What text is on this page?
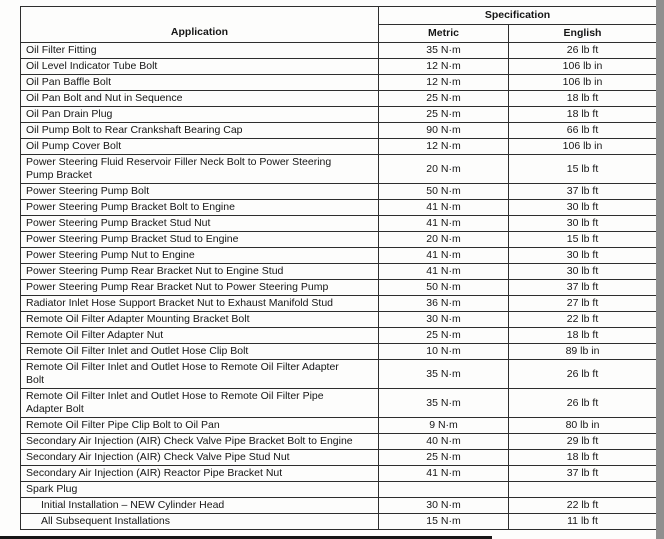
Application	Specification	
	Metric	English

Oil Filter Fitting	35 N·m	26 lb ft

Oil Level Indicator Tube Bolt	12 N·m	106 lb in

Oil Pan Baffle Bolt	12 N·m	106 lb in

Oil Pan Bolt and Nut in Sequence	25 N·m	18 lb ft

Oil Pan Drain Plug	25 N·m	18 lb ft

Oil Pump Bolt to Rear Crankshaft Bearing Cap	90 N·m	66 lb ft

Oil Pump Cover Bolt	12 N·m	106 lb in

Power Steering Fluid Reservoir Filler Neck Bolt to Power Steering Pump Bracket	20 N·m	15 lb ft

Power Steering Pump Bolt	50 N·m	37 lb ft

Power Steering Pump Bracket Bolt to Engine	41 N·m	30 lb ft

Power Steering Pump Bracket Stud Nut	41 N·m	30 lb ft

Power Steering Pump Bracket Stud to Engine	20 N·m	15 lb ft

Power Steering Pump Nut to Engine	41 N·m	30 lb ft

Power Steering Pump Rear Bracket Nut to Engine Stud	41 N·m	30 lb ft

Power Steering Pump Rear Bracket Nut to Power Steering Pump	50 N·m	37 lb ft

Radiator Inlet Hose Support Bracket Nut to Exhaust Manifold Stud	36 N·m	27 lb ft

Remote Oil Filter Adapter Mounting Bracket Bolt	30 N·m	22 lb ft

Remote Oil Filter Adapter Nut	25 N·m	18 lb ft

Remote Oil Filter Inlet and Outlet Hose Clip Bolt	10 N·m	89 lb in

Remote Oil Filter Inlet and Outlet Hose to Remote Oil Filter Adapter Bolt	35 N·m	26 lb ft

Remote Oil Filter Inlet and Outlet Hose to Remote Oil Filter Pipe Adapter Bolt	35 N·m	26 lb ft

Remote Oil Filter Pipe Clip Bolt to Oil Pan	9 N·m	80 lb in

Secondary Air Injection (AIR) Check Valve Pipe Bracket Bolt to Engine	40 N·m	29 lb ft

Secondary Air Injection (AIR) Check Valve Pipe Stud Nut	25 N·m	18 lb ft

Secondary Air Injection (AIR) Reactor Pipe Bracket Nut	41 N·m	37 lb ft

Spark Plug		

Initial Installation – NEW Cylinder Head	30 N·m	22 lb ft

All Subsequent Installations	15 N·m	11 lb ft
